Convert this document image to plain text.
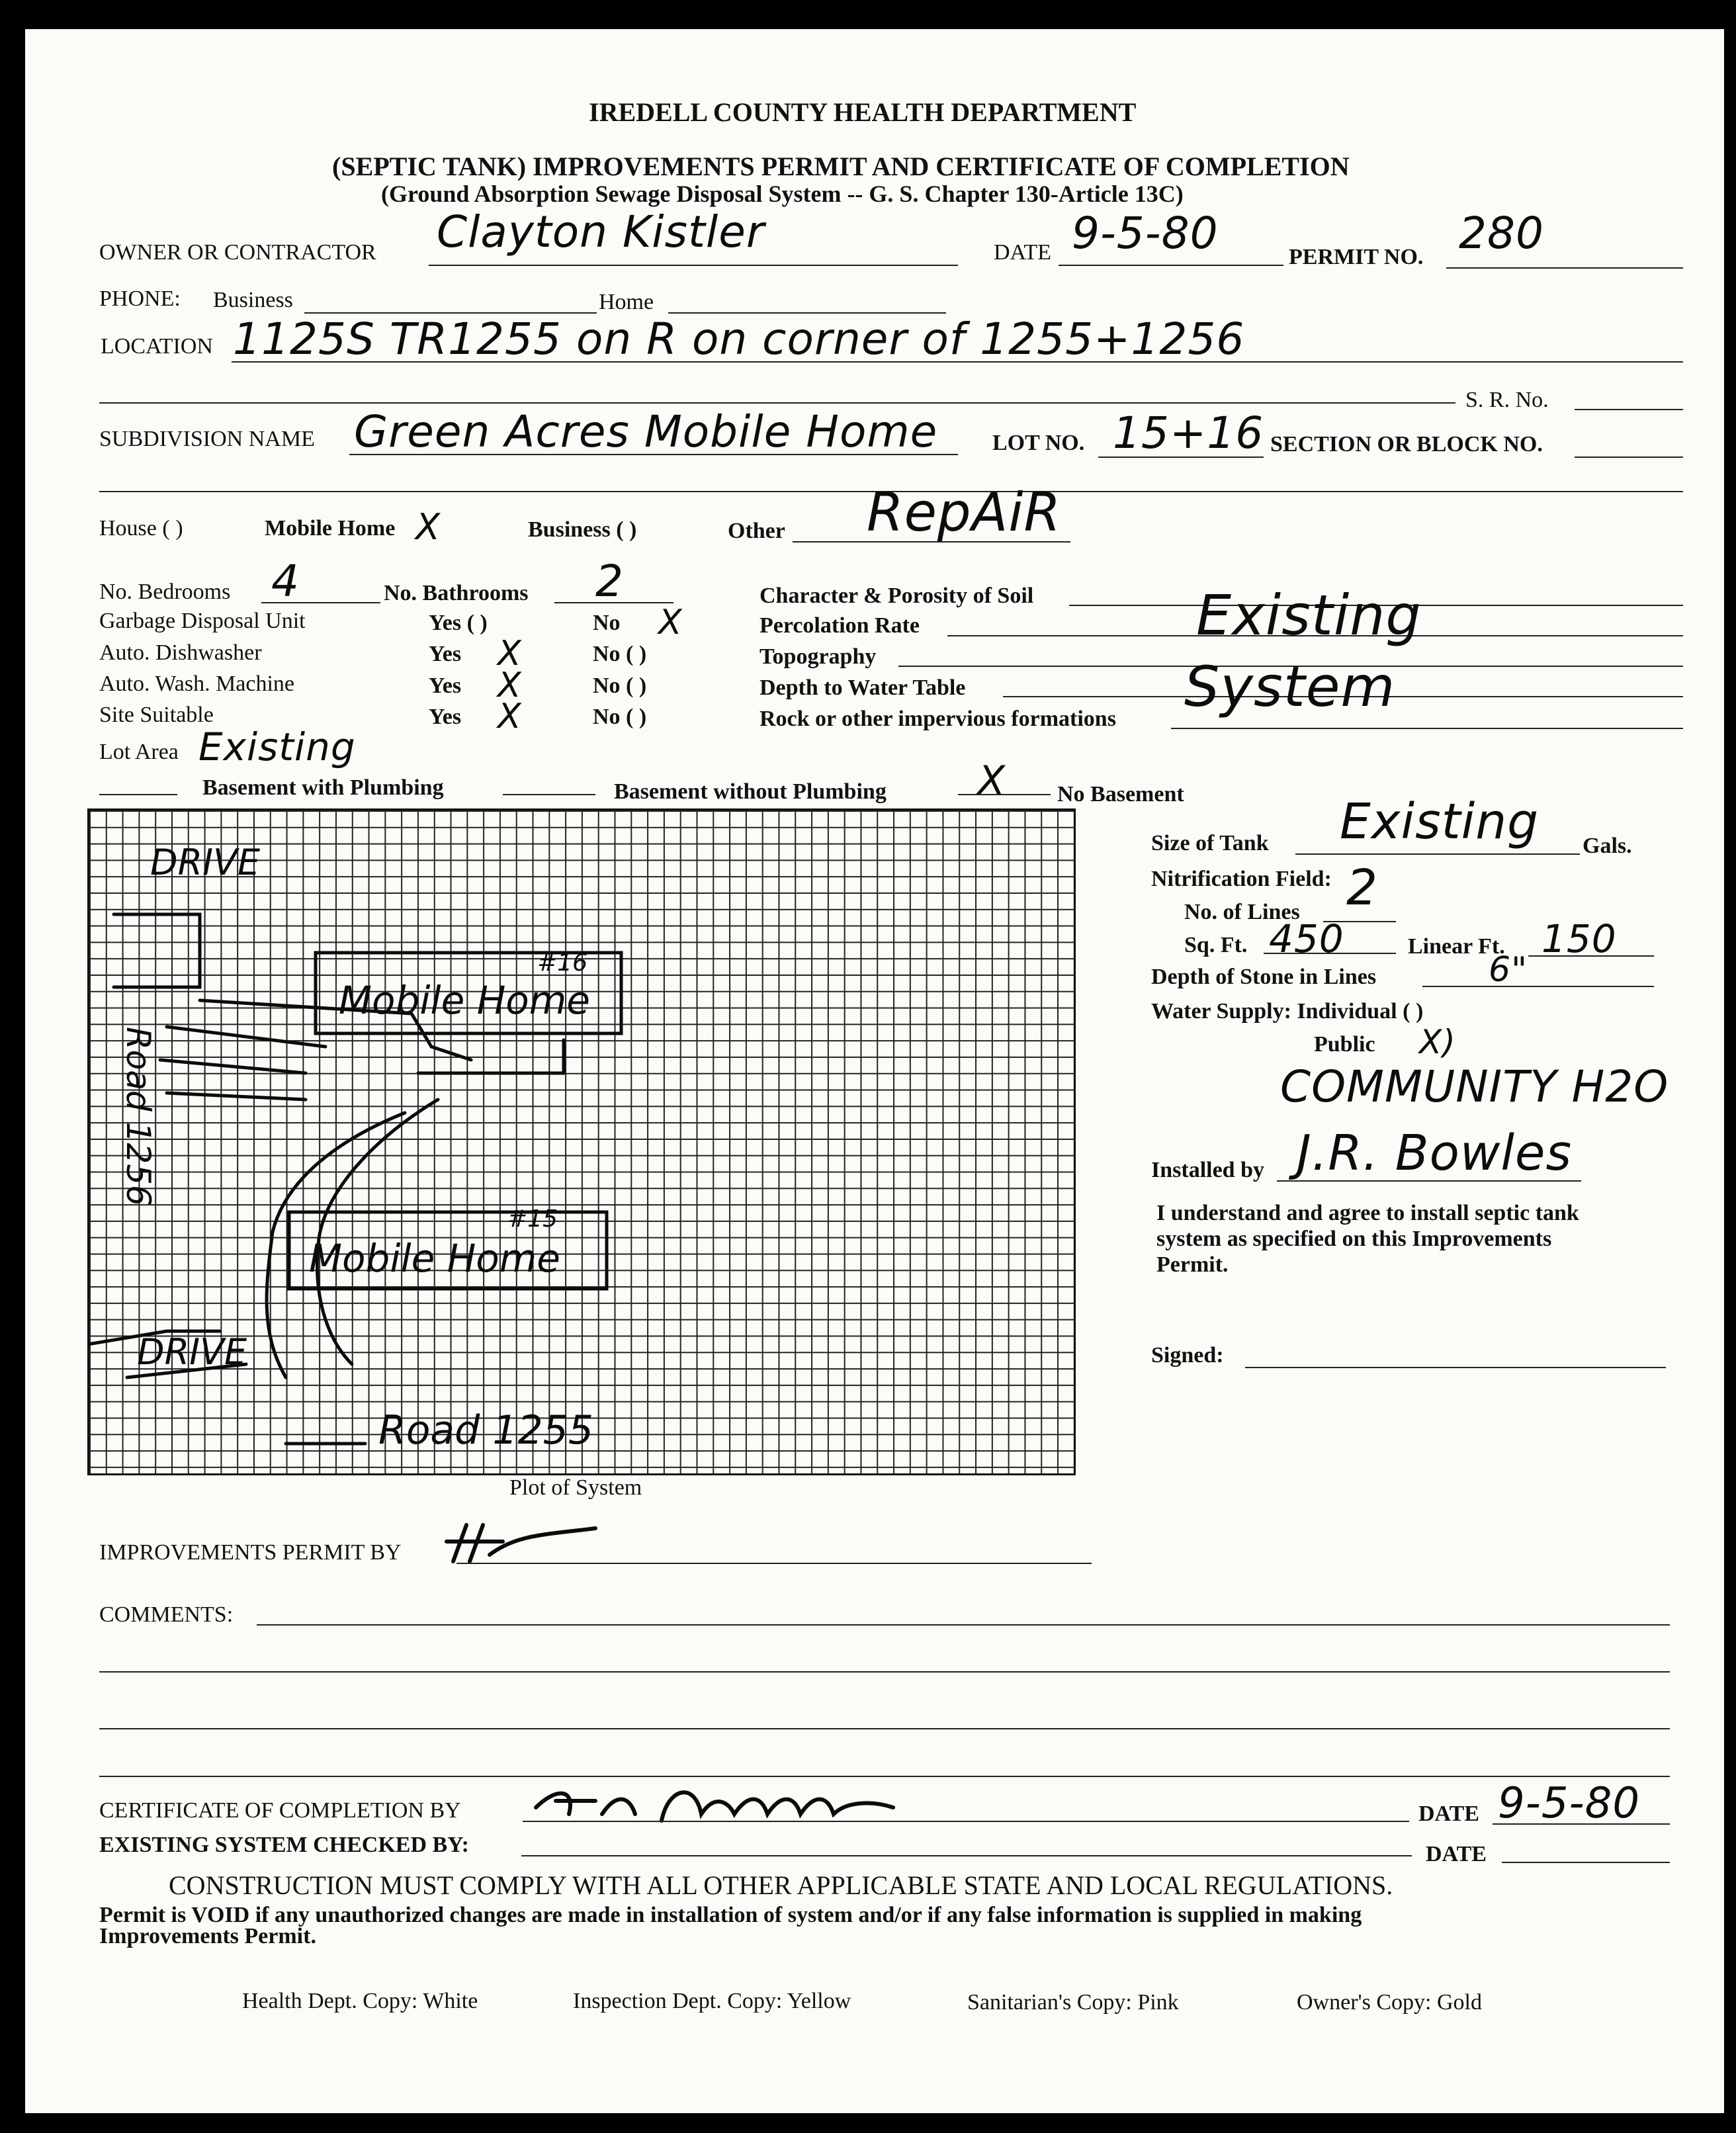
IREDELL COUNTY HEALTH DEPARTMENT
(SEPTIC TANK) IMPROVEMENTS PERMIT AND CERTIFICATE OF COMPLETION
(Ground Absorption Sewage Disposal System -- G. S. Chapter 130-Article 13C)
OWNER OR CONTRACTOR Clayton Kistler	DATE 9-5-80	PERMIT NO. 280
PHONE: Business	Home
LOCATION 1125S TR1255 on R on corner of 1255+1256
S. R. No.
SUBDIVISION NAME Green Acres Mobile Home LOT NO. 15+16 SECTION OR BLOCK NO.
House ( )	Mobile Home X	Business ( )	Other RepAiR
No. Bedrooms 4	No. Bathrooms 2
Garbage Disposal Unit	Yes ( )	No X
Auto. Dishwasher	Yes X	No ( )
Auto. Wash. Machine	Yes X	No ( )
Site Suitable	Yes X	No ( )
Character & Porosity of Soil
Percolation Rate
Topography
Depth to Water Table
Rock or other impervious formations
Existing
System
Lot Area Existing
Basement with Plumbing	Basement without Plumbing X No Basement
DRIVE
Mobile Home
#16
Mobile Home
#15
DRIVE
Road 1255
Road 1256
Plot of System
Size of Tank Existing Gals.
Nitrification Field:
No. of Lines 2
Sq. Ft. 450	Linear Ft. 150
Depth of Stone in Lines	6"
Water Supply: Individual ( )
Public X)
COMMUNITY H2O
Installed by J.R. Bowles
I understand and agree to install septic tank
system as specified on this Improvements
Permit.
Signed:
IMPROVEMENTS PERMIT BY
COMMENTS:
CERTIFICATE OF COMPLETION BY	DATE 9-5-80
EXISTING SYSTEM CHECKED BY:	DATE
CONSTRUCTION MUST COMPLY WITH ALL OTHER APPLICABLE STATE AND LOCAL REGULATIONS.
Permit is VOID if any unauthorized changes are made in installation of system and/or if any false information is supplied in making
Improvements Permit.
Health Dept. Copy: White	Inspection Dept. Copy: Yellow	Sanitarian's Copy: Pink	Owner's Copy: Gold
